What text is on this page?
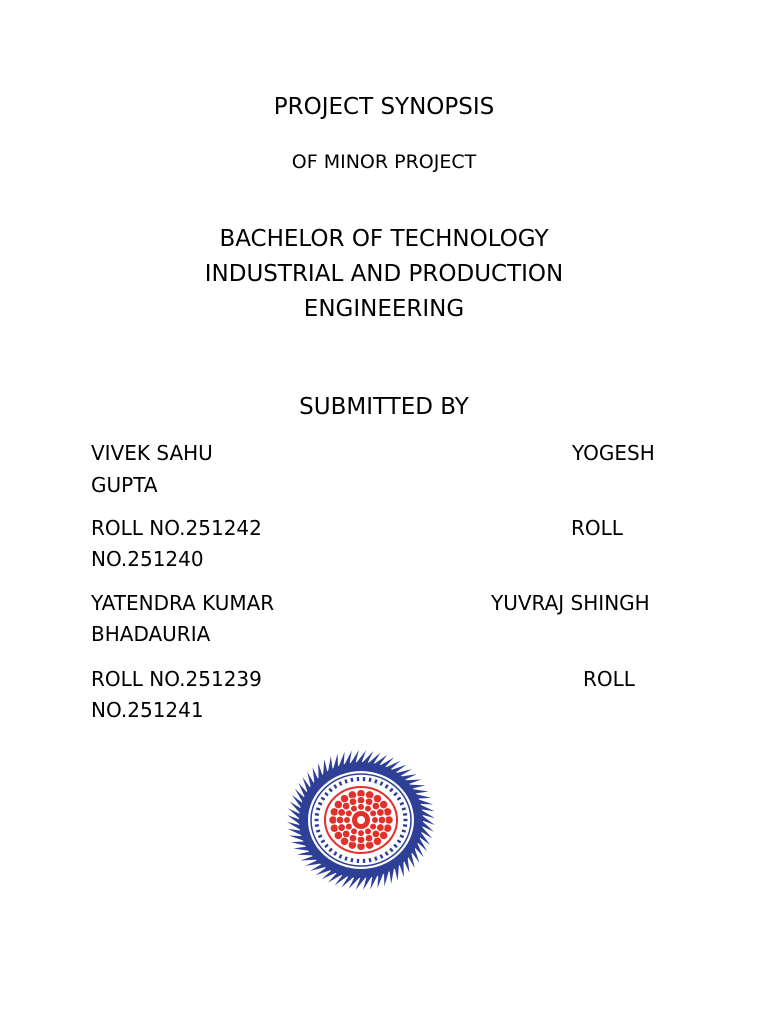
PROJECT SYNOPSIS
OF MINOR PROJECT
BACHELOR OF TECHNOLOGY
INDUSTRIAL AND PRODUCTION
ENGINEERING
SUBMITTED BY
VIVEK SAHU	YOGESH
GUPTA
ROLL NO.251242	ROLL
NO.251240
YATENDRA KUMAR	YUVRAJ SHINGH
BHADAURIA
ROLL NO.251239	ROLL
NO.251241
